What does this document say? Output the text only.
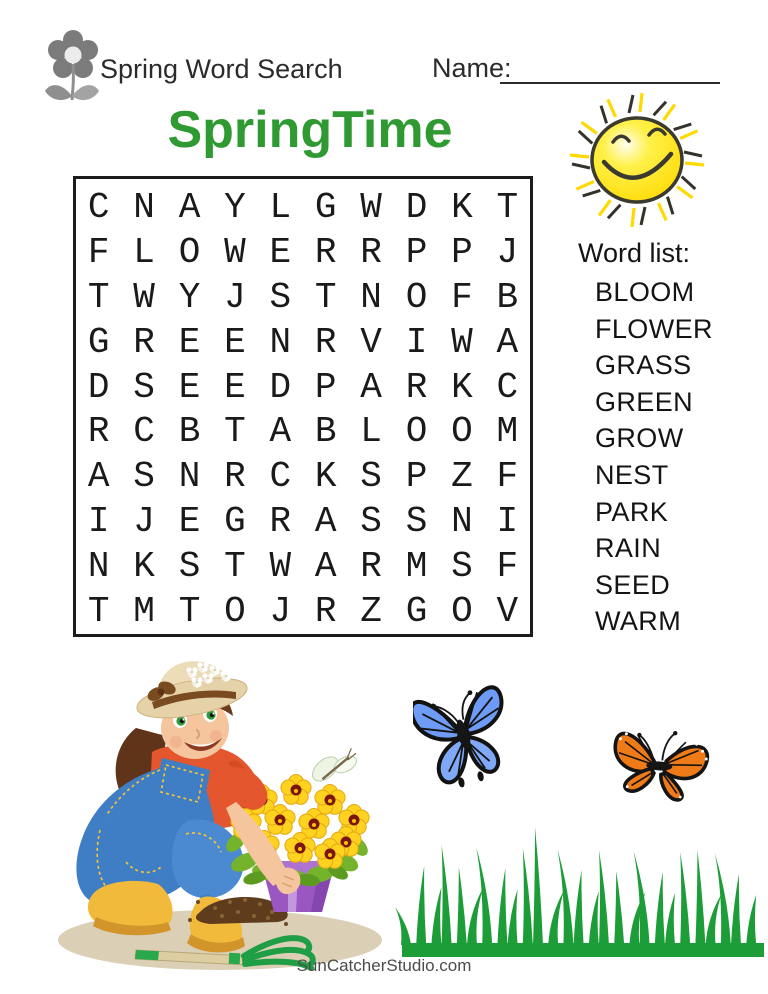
Spring Word Search	Name:
SpringTime
C N A Y L G W D K T
F L O W E R R P P J
T W Y J S T N O F B
G R E E N R V I W A
D S E E D P A R K C
R C B T A B L O O M
A S N R C K S P Z F
I J E G R A S S N I
N K S T W A R M S F
T M T O J R Z G O V
Word list:
BLOOM
FLOWER
GRASS
GREEN
GROW
NEST
PARK
RAIN
SEED
WARM
SunCatcherStudio.com
